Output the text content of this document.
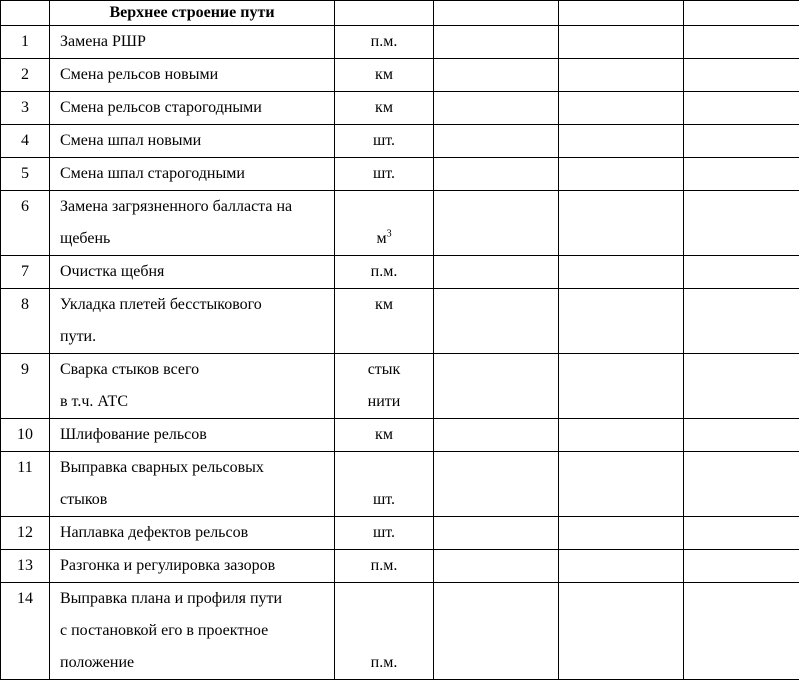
	Верхнее строение пути					
1	Замена РШР	п.м.				

2	Смена рельсов новыми	км				

3	Смена рельсов старогодными	км				

4	Смена шпал новыми	шт.				

5	Смена шпал старогодными	шт.				

6	Замена загрязненного балласта на
щебень	$м^3$

7	Очистка щебня	п.м.				

8	Укладка плетей бесстыкового
пути.	км				

9	Сварка стыков всего
в т.ч. АТС	стык
нити				

10	Шлифование рельсов	км				

11	Выправка сварных рельсовых
стыков	шт.				

12	Наплавка дефектов рельсов	шт.				

13	Разгонка и регулировка зазоров	п.м.				

14	Выправка плана и профиля пути
с постановкой его в проектное
положение	п.м.				
